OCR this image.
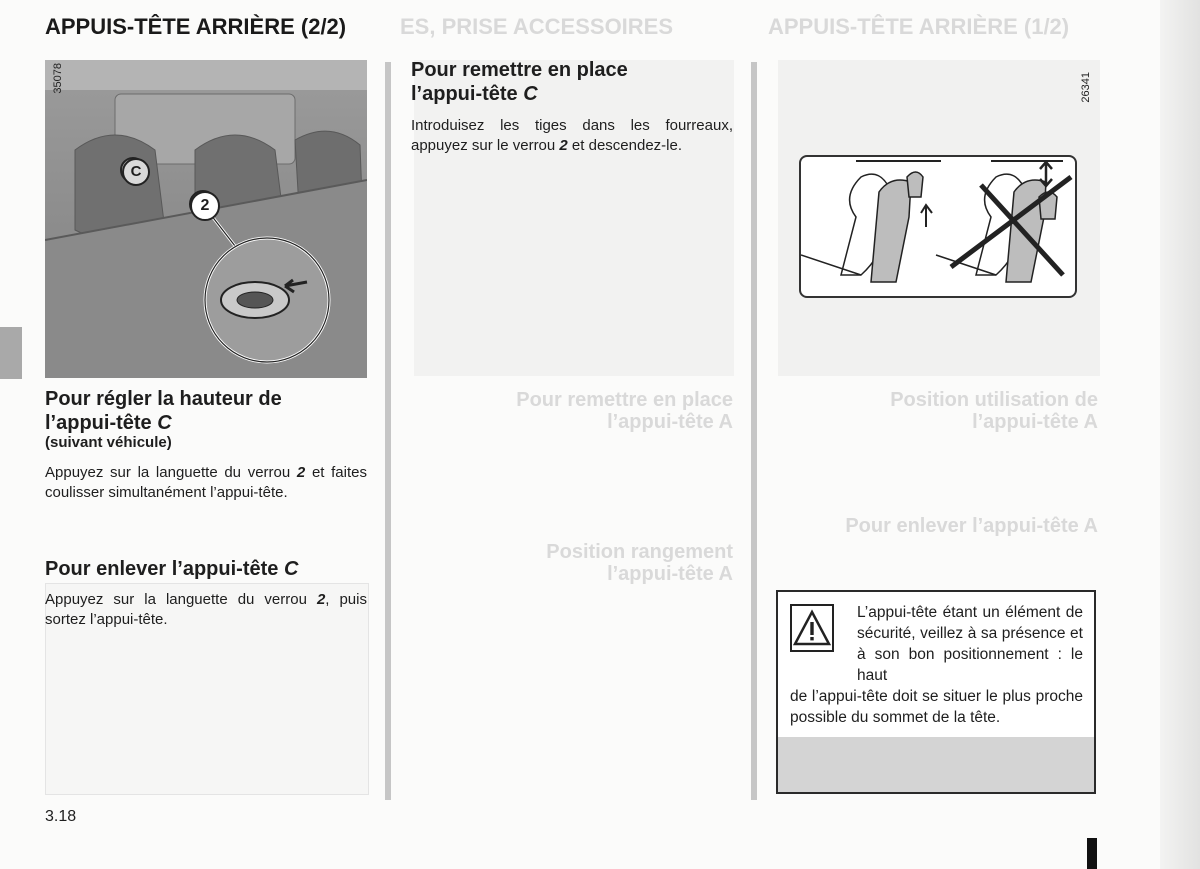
ES, PRISE ACCESSOIRES	APPUIS-TÊTE ARRIÈRE (1/2)
Pour remettre en place
l’appui-tête A
Position rangement
l’appui-tête A
Position utilisation de
l’appui-tête A
Pour enlever l’appui-tête A
APPUIS-TÊTE ARRIÈRE (2/2)
35078
C
2
Pour régler la hauteur de
l’appui-tête C
(suivant véhicule)
Appuyez sur la languette du verrou 2 et faites coulisser simultanément l’appui-tête.
Pour enlever l’appui-tête C
Appuyez sur la languette du verrou 2, puis sortez l’appui-tête.
3.18
Pour remettre en place
l’appui-tête C
Introduisez les tiges dans les fourreaux, appuyez sur le verrou 2 et descendez-le.
26341
L’appui-tête étant un élément de sécurité, veillez à sa présence et à son bon positionnement : le haut
de l’appui-tête doit se situer le plus proche possible du sommet de la tête.
